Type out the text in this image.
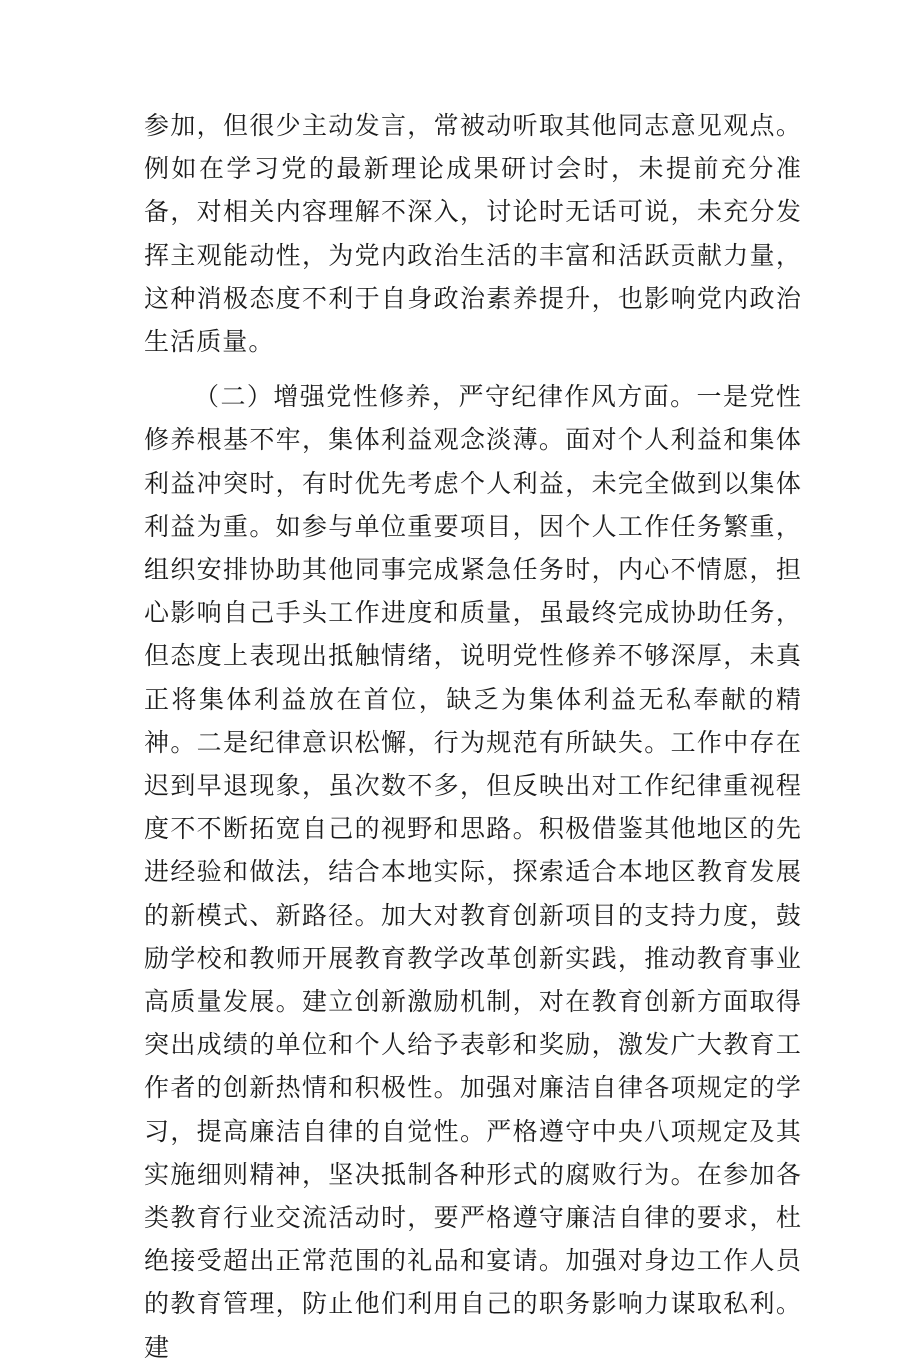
参加，但很少主动发言，常被动听取其他同志意见观点。例如在学习党的最新理论成果研讨会时，未提前充分准备，对相关内容理解不深入，讨论时无话可说，未充分发挥主观能动性，为党内政治生活的丰富和活跃贡献力量，这种消极态度不利于自身政治素养提升，也影响党内政治生活质量。

（二）增强党性修养，严守纪律作风方面。一是党性修养根基不牢，集体利益观念淡薄。面对个人利益和集体利益冲突时，有时优先考虑个人利益，未完全做到以集体利益为重。如参与单位重要项目，因个人工作任务繁重，组织安排协助其他同事完成紧急任务时，内心不情愿，担心影响自己手头工作进度和质量，虽最终完成协助任务，但态度上表现出抵触情绪，说明党性修养不够深厚，未真正将集体利益放在首位，缺乏为集体利益无私奉献的精神。二是纪律意识松懈，行为规范有所缺失。工作中存在迟到早退现象，虽次数不多，但反映出对工作纪律重视程度不不断拓宽自己的视野和思路。积极借鉴其他地区的先进经验和做法，结合本地实际，探索适合本地区教育发展的新模式、新路径。加大对教育创新项目的支持力度，鼓励学校和教师开展教育教学改革创新实践，推动教育事业高质量发展。建立创新激励机制，对在教育创新方面取得突出成绩的单位和个人给予表彰和奖励，激发广大教育工作者的创新热情和积极性。加强对廉洁自律各项规定的学习，提高廉洁自律的自觉性。严格遵守中央八项规定及其实施细则精神，坚决抵制各种形式的腐败行为。在参加各类教育行业交流活动时，要严格遵守廉洁自律的要求，杜绝接受超出正常范围的礼品和宴请。加强对身边工作人员的教育管理，防止他们利用自己的职务影响力谋取私利。建
